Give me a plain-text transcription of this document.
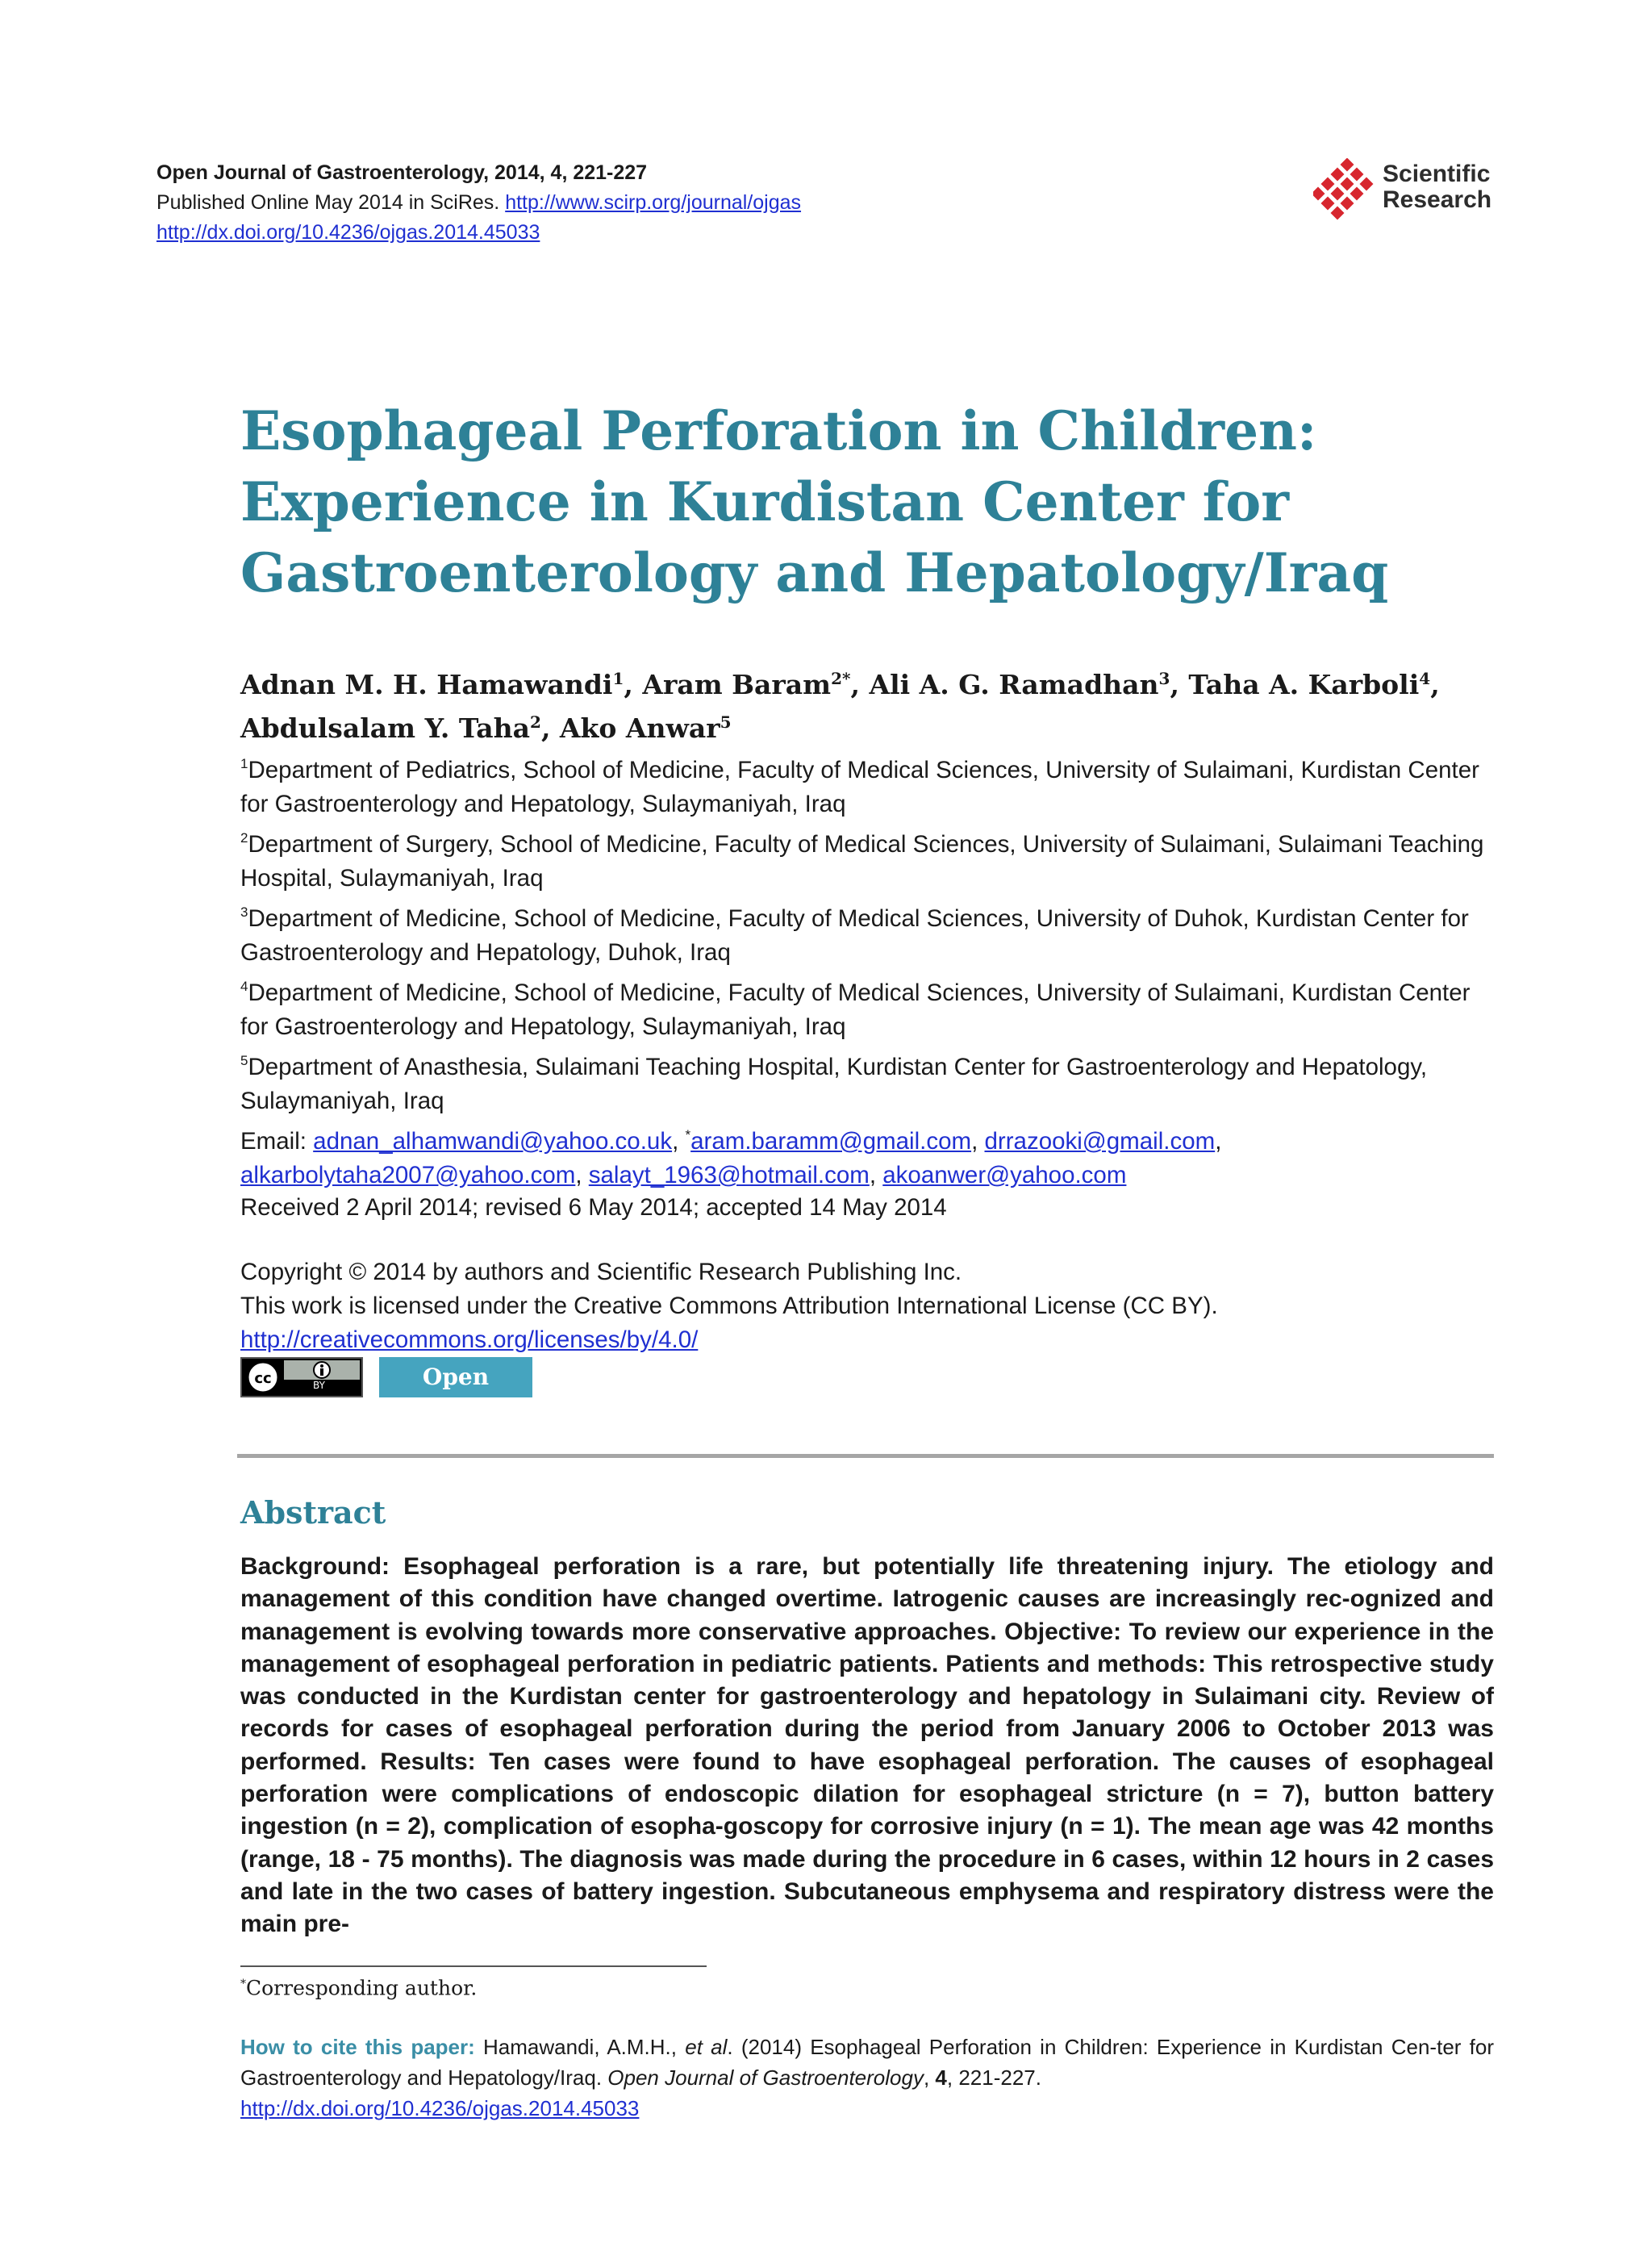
Open Journal of Gastroenterology, 2014, 4, 221-227
Published Online May 2014 in SciRes. http://www.scirp.org/journal/ojgas
http://dx.doi.org/10.4236/ojgas.2014.45033
Scientific
Research
Esophageal Perforation in Children:
Experience in Kurdistan Center for
Gastroenterology and Hepatology/Iraq
Adnan M. H. Hamawandi$^1$, Aram Baram$^{2*}$, Ali A. G. Ramadhan$^3$, Taha A. Karboli$^4$,
Abdulsalam Y. Taha$^2$, Ako Anwar$^5$
$^1$Department of Pediatrics, School of Medicine, Faculty of Medical Sciences, University of Sulaimani, Kurdistan Center for Gastroenterology and Hepatology, Sulaymaniyah, Iraq
$^2$Department of Surgery, School of Medicine, Faculty of Medical Sciences, University of Sulaimani, Sulaimani Teaching Hospital, Sulaymaniyah, Iraq
$^3$Department of Medicine, School of Medicine, Faculty of Medical Sciences, University of Duhok, Kurdistan Center for Gastroenterology and Hepatology, Duhok, Iraq
$^4$Department of Medicine, School of Medicine, Faculty of Medical Sciences, University of Sulaimani, Kurdistan Center for Gastroenterology and Hepatology, Sulaymaniyah, Iraq
$^5$Department of Anasthesia, Sulaimani Teaching Hospital, Kurdistan Center for Gastroenterology and Hepatology, Sulaymaniyah, Iraq
Email: adnan_alhamwandi@yahoo.co.uk, *aram.baramm@gmail.com, drrazooki@gmail.com,
alkarbolytaha2007@yahoo.com, salayt_1963@hotmail.com, akoanwer@yahoo.com
Received 2 April 2014; revised 6 May 2014; accepted 14 May 2014
Copyright © 2014 by authors and Scientific Research Publishing Inc.
This work is licensed under the Creative Commons Attribution International License (CC BY).
http://creativecommons.org/licenses/by/4.0/
cc	BY	Open Access
Abstract
Background: Esophageal perforation is a rare, but potentially life threatening injury. The etiology and management of this condition have changed overtime. Iatrogenic causes are increasingly rec-ognized and management is evolving towards more conservative approaches. Objective: To review our experience in the management of esophageal perforation in pediatric patients. Patients and methods: This retrospective study was conducted in the Kurdistan center for gastroenterology and hepatology in Sulaimani city. Review of records for cases of esophageal perforation during the period from January 2006 to October 2013 was performed. Results: Ten cases were found to have esophageal perforation. The causes of esophageal perforation were complications of endoscopic dilation for esophageal stricture (n = 7), button battery ingestion (n = 2), complication of esopha-goscopy for corrosive injury (n = 1). The mean age was 42 months (range, 18 - 75 months). The diagnosis was made during the procedure in 6 cases, within 12 hours in 2 cases and late in the two cases of battery ingestion. Subcutaneous emphysema and respiratory distress were the main pre-
*Corresponding author.
How to cite this paper: Hamawandi, A.M.H., et al. (2014) Esophageal Perforation in Children: Experience in Kurdistan Cen-ter for Gastroenterology and Hepatology/Iraq. Open Journal of Gastroenterology, 4, 221-227.
http://dx.doi.org/10.4236/ojgas.2014.45033
